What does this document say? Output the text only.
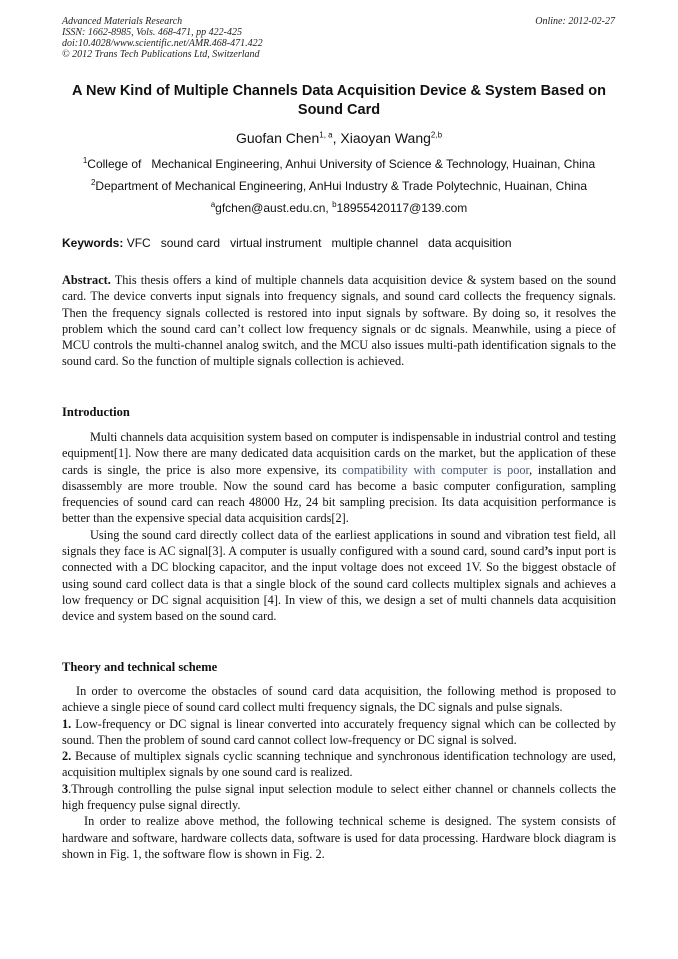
Advanced Materials Research
ISSN: 1662-8985, Vols. 468-471, pp 422-425
doi:10.4028/www.scientific.net/AMR.468-471.422
© 2012 Trans Tech Publications Ltd, Switzerland
Online: 2012-02-27
A New Kind of Multiple Channels Data Acquisition Device & System Based on Sound Card
Guofan Chen$^{1, a}$, Xiaoyan Wang$^{2,b}$
$^1$College of   Mechanical Engineering, Anhui University of Science & Technology, Huainan, China
$^2$Department of Mechanical Engineering, AnHui Industry & Trade Polytechnic, Huainan, China
$^a$gfchen@aust.edu.cn, $^b$18955420117@139.com
Keywords: VFC   sound card   virtual instrument   multiple channel   data acquisition
Abstract. This thesis offers a kind of multiple channels data acquisition device & system based on the sound card. The device converts input signals into frequency signals, and sound card collects the frequency signals. Then the frequency signals collected is restored into input signals by software. By doing so, it resolves the problem which the sound card can’t collect low frequency signals or dc signals. Meanwhile, using a piece of MCU controls the multi-channel analog switch, and the MCU also issues multi-path identification signals to the sound card. So the function of multiple signals collection is achieved.
Introduction

Multi channels data acquisition system based on computer is indispensable in industrial control and testing equipment[1]. Now there are many dedicated data acquisition cards on the market, but the application of these cards is single, the price is also more expensive, its compatibility with computer is poor, installation and disassembly are more trouble. Now the sound card has become a basic computer configuration, sampling frequencies of sound card can reach 48000 Hz, 24 bit sampling precision. Its data acquisition performance is better than the expensive special data acquisition cards[2].

Using the sound card directly collect data of the earliest applications in sound and vibration test field, all signals they face is AC signal[3]. A computer is usually configured with a sound card, sound card’s input port is connected with a DC blocking capacitor, and the input voltage does not exceed 1V. So the biggest obstacle of using sound card collect data is that a single block of the sound card collects multiplex signals and achieves a low frequency or DC signal acquisition [4]. In view of this, we design a set of multi channels data acquisition device and system based on the sound card.

Theory and technical scheme

In order to overcome the obstacles of sound card data acquisition, the following method is proposed to achieve a single piece of sound card collect multi frequency signals, the DC signals and pulse signals.

1. Low-frequency or DC signal is linear converted into accurately frequency signal which can be collected by sound. Then the problem of sound card cannot collect low-frequency or DC signal is solved.

2. Because of multiplex signals cyclic scanning technique and synchronous identification technology are used, acquisition multiplex signals by one sound card is realized.

3.Through controlling the pulse signal input selection module to select either channel or channels collects the high frequency pulse signal directly.

In order to realize above method, the following technical scheme is designed. The system consists of hardware and software, hardware collects data, software is used for data processing. Hardware block diagram is shown in Fig. 1, the software flow is shown in Fig. 2.
